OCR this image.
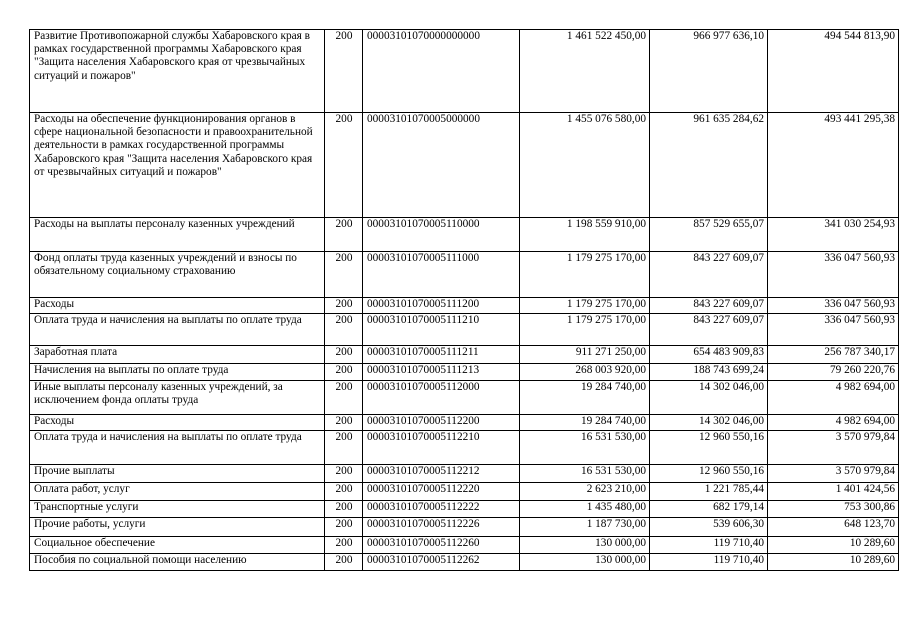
Развитие Противопожарной службы Хабаровского края в рамках государственной программы Хабаровского края "Защита населения Хабаровского края от чрезвычайных ситуаций и пожаров"	200	00003101070000000000	1 461 522 450,00	966 977 636,10	494 544 813,90
Расходы на обеспечение функционирования органов в сфере национальной безопасности и правоохранительной деятельности в рамках государственной программы Хабаровского края "Защита населения Хабаровского края от чрезвычайных ситуаций и пожаров"	200	00003101070005000000	1 455 076 580,00	961 635 284,62	493 441 295,38
Расходы на выплаты персоналу казенных учреждений	200	00003101070005110000	1 198 559 910,00	857 529 655,07	341 030 254,93
Фонд оплаты труда казенных учреждений и взносы по обязательному социальному страхованию	200	00003101070005111000	1 179 275 170,00	843 227 609,07	336 047 560,93
Расходы	200	00003101070005111200	1 179 275 170,00	843 227 609,07	336 047 560,93
Оплата труда и начисления на выплаты по оплате труда	200	00003101070005111210	1 179 275 170,00	843 227 609,07	336 047 560,93
Заработная плата	200	00003101070005111211	911 271 250,00	654 483 909,83	256 787 340,17
Начисления на выплаты по оплате труда	200	00003101070005111213	268 003 920,00	188 743 699,24	79 260 220,76
Иные выплаты персоналу казенных учреждений, за исключением фонда оплаты труда	200	00003101070005112000	19 284 740,00	14 302 046,00	4 982 694,00
Расходы	200	00003101070005112200	19 284 740,00	14 302 046,00	4 982 694,00
Оплата труда и начисления на выплаты по оплате труда	200	00003101070005112210	16 531 530,00	12 960 550,16	3 570 979,84
Прочие выплаты	200	00003101070005112212	16 531 530,00	12 960 550,16	3 570 979,84
Оплата работ, услуг	200	00003101070005112220	2 623 210,00	1 221 785,44	1 401 424,56
Транспортные услуги	200	00003101070005112222	1 435 480,00	682 179,14	753 300,86
Прочие работы, услуги	200	00003101070005112226	1 187 730,00	539 606,30	648 123,70
Социальное обеспечение	200	00003101070005112260	130 000,00	119 710,40	10 289,60
Пособия по социальной помощи населению	200	00003101070005112262	130 000,00	119 710,40	10 289,60
